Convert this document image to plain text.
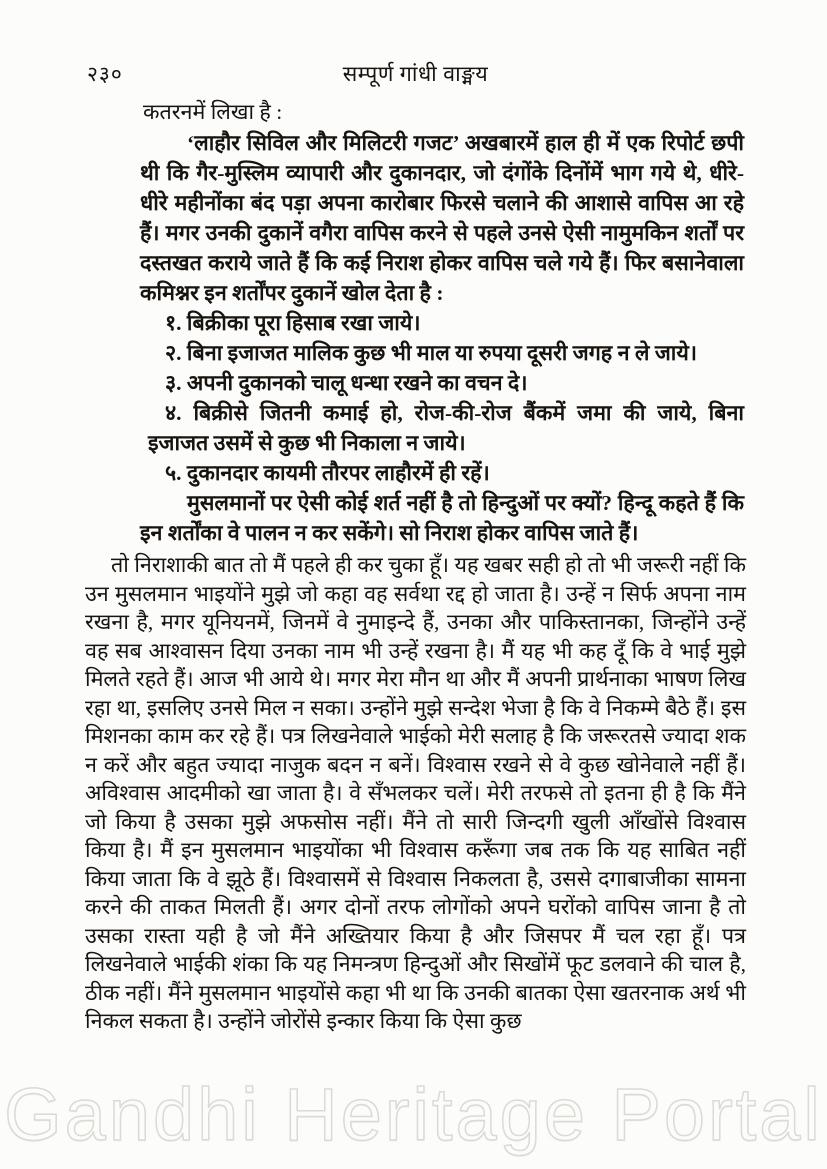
२३०	सम्पूर्ण गांधी वाङ्मय

कतरनमें लिखा है :

‘लाहौर सिविल और मिलिटरी गजट’ अखबारमें हाल ही में एक रिपोर्ट छपी थी कि गैर-मुस्लिम व्यापारी और दुकानदार, जो दंगोंके दिनोंमें भाग गये थे, धीरे-धीरे महीनोंका बंद पड़ा अपना कारोबार फिरसे चलाने की आशासे वापिस आ रहे हैं। मगर उनकी दुकानें वगैरा वापिस करने से पहले उनसे ऐसी नामुमकिन शर्तों पर दस्तखत कराये जाते हैं कि कई निराश होकर वापिस चले गये हैं। फिर बसानेवाला कमिश्नर इन शर्तोंपर दुकानें खोल देता है :

१. बिक्रीका पूरा हिसाब रखा जाये।

२. बिना इजाजत मालिक कुछ भी माल या रुपया दूसरी जगह न ले जाये।

३. अपनी दुकानको चालू धन्धा रखने का वचन दे।

४. बिक्रीसे जितनी कमाई हो, रोज-की-रोज बैंकमें जमा की जाये, बिना इजाजत उसमें से कुछ भी निकाला न जाये।

५. दुकानदार कायमी तौरपर लाहौरमें ही रहें।

मुसलमानों पर ऐसी कोई शर्त नहीं है तो हिन्दुओं पर क्यों? हिन्दू कहते हैं कि इन शर्तोंका वे पालन न कर सकेंगे। सो निराश होकर वापिस जाते हैं।

तो निराशाकी बात तो मैं पहले ही कर चुका हूँ। यह खबर सही हो तो भी जरूरी नहीं कि उन मुसलमान भाइयोंने मुझे जो कहा वह सर्वथा रद्द हो जाता है। उन्हें न सिर्फ अपना नाम रखना है, मगर यूनियनमें, जिनमें वे नुमाइन्दे हैं, उनका और पाकिस्तानका, जिन्होंने उन्हें वह सब आश्वासन दिया उनका नाम भी उन्हें रखना है। मैं यह भी कह दूँ कि वे भाई मुझे मिलते रहते हैं। आज भी आये थे। मगर मेरा मौन था और मैं अपनी प्रार्थनाका भाषण लिख रहा था, इसलिए उनसे मिल न सका। उन्होंने मुझे सन्देश भेजा है कि वे निकम्मे बैठे हैं। इस मिशनका काम कर रहे हैं। पत्र लिखनेवाले भाईको मेरी सलाह है कि जरूरतसे ज्यादा शक न करें और बहुत ज्यादा नाजुक बदन न बनें। विश्वास रखने से वे कुछ खोनेवाले नहीं हैं। अविश्वास आदमीको खा जाता है। वे सँभलकर चलें। मेरी तरफसे तो इतना ही है कि मैंने जो किया है उसका मुझे अफसोस नहीं। मैंने तो सारी जिन्दगी खुली आँखोंसे विश्वास किया है। मैं इन मुसलमान भाइयोंका भी विश्वास करूँगा जब तक कि यह साबित नहीं किया जाता कि वे झूठे हैं। विश्वासमें से विश्वास निकलता है, उससे दगाबाजीका सामना करने की ताकत मिलती हैं। अगर दोनों तरफ लोगोंको अपने घरोंको वापिस जाना है तो उसका रास्ता यही है जो मैंने अख्तियार किया है और जिसपर मैं चल रहा हूँ। पत्र लिखनेवाले भाईकी शंका कि यह निमन्त्रण हिन्दुओं और सिखोंमें फूट डलवाने की चाल है, ठीक नहीं। मैंने मुसलमान भाइयोंसे कहा भी था कि उनकी बातका ऐसा खतरनाक अर्थ भी निकल सकता है। उन्होंने जोरोंसे इन्कार किया कि ऐसा कुछ

Gandhi Heritage Portal
